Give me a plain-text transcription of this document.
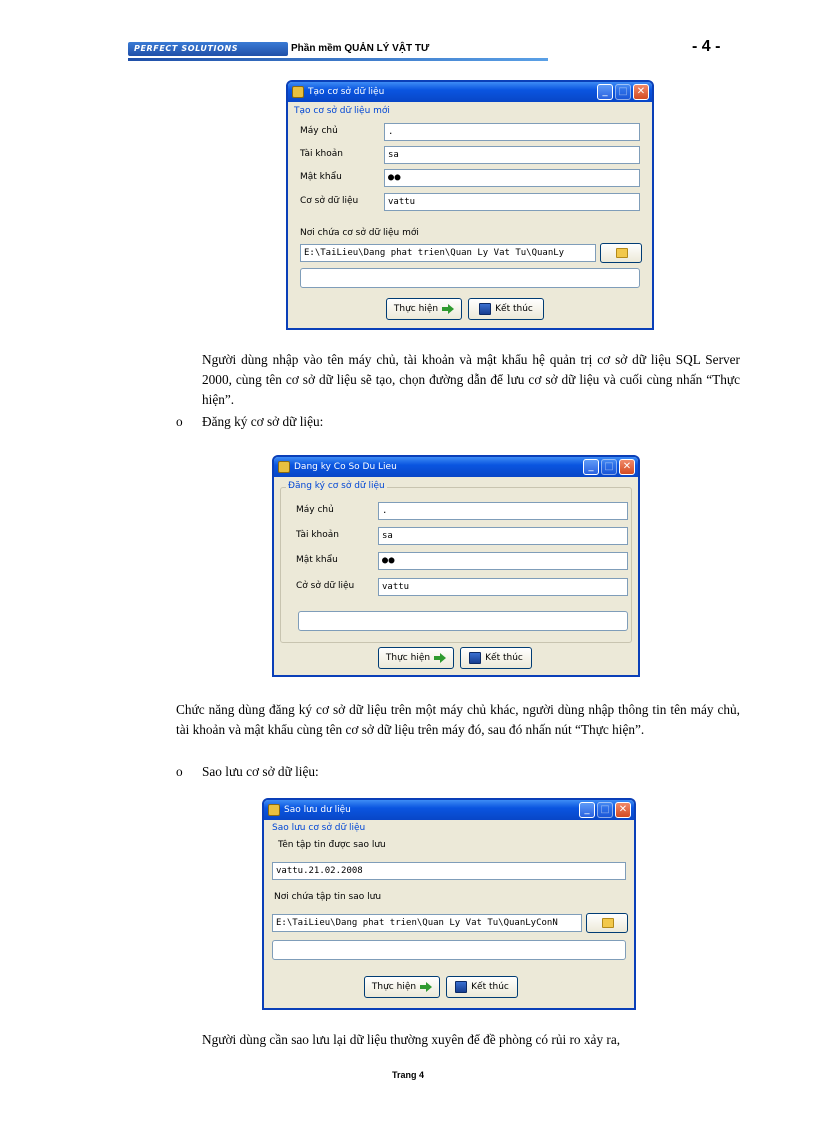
PERFECT SOLUTIONS	Phần mềm QUẢN LÝ VẬT TƯ	- 4 -
Tạo cơ sở dữ liệu	_	□ ✕
Tạo cơ sở dữ liệu mới
Máy chủ	.
Tài khoản	sa
Mật khẩu	●●
Cơ sở dữ liệu	vattu
Nơi chứa cơ sở dữ liệu mới
E:\TaiLieu\Dang phat trien\Quan Ly Vat Tu\QuanLy
Thực hiện	Kết thúc
Người dùng nhập vào tên máy chủ, tài khoản và mật khẩu hệ quản trị cơ sở dữ liệu SQL Server 2000, cùng tên cơ sở dữ liệu sẽ tạo, chọn đường dẫn để lưu cơ sở dữ liệu và cuối cùng nhấn “Thực hiện”.
o Đăng ký cơ sở dữ liệu:
Dang ky Co So Du Lieu	_	□ ✕
Đăng ký cơ sở dữ liệu
Máy chủ	.
Tài khoản	sa
Mật khẩu	●●
Cở sở dữ liệu	vattu
Thực hiện	Kết thúc
Chức năng dùng đăng ký cơ sở dữ liệu trên một máy chủ khác, người dùng nhập thông tin tên máy chủ, tài khoản và mật khẩu cùng tên cơ sở dữ liệu trên máy đó, sau đó nhấn nút “Thực hiện”.
o Sao lưu cơ sở dữ liệu:
Sao lưu dư liệu	_	□ ✕
Sao lưu cơ sở dữ liệu
Tên tập tin được sao lưu
vattu.21.02.2008
Nơi chứa tập tin sao lưu
E:\TaiLieu\Dang phat trien\Quan Ly Vat Tu\QuanLyConN
Thực hiện	Kết thúc
Người dùng cần sao lưu lại dữ liệu thường xuyên để đề phòng có rủi ro xảy ra,
Trang 4
